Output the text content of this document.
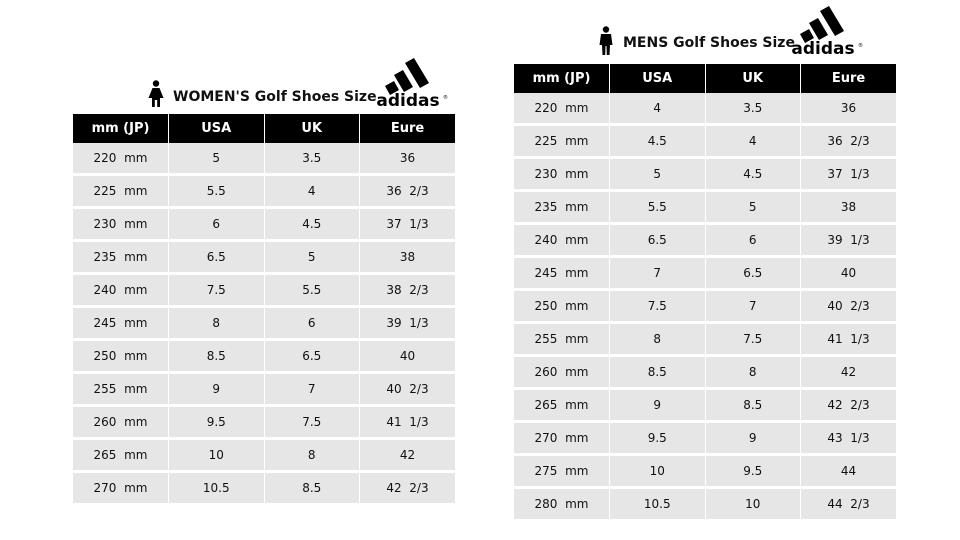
WOMEN'S Golf Shoes Size adidas ®
mm (JP)	USA	UK	Eure
220  mm	5	3.5	36
225  mm	5.5	4	36  2/3
230  mm	6	4.5	37  1/3
235  mm	6.5	5	38
240  mm	7.5	5.5	38  2/3
245  mm	8	6	39  1/3
250  mm	8.5	6.5	40
255  mm	9	7	40  2/3
260  mm	9.5	7.5	41  1/3
265  mm	10	8	42
270  mm	10.5	8.5	42  2/3
MENS Golf Shoes Size
adidas ®
mm (JP)	USA	UK	Eure
220  mm	4	3.5	36
225  mm	4.5	4	36  2/3
230  mm	5	4.5	37  1/3
235  mm	5.5	5	38
240  mm	6.5	6	39  1/3
245  mm	7	6.5	40
250  mm	7.5	7	40  2/3
255  mm	8	7.5	41  1/3
260  mm	8.5	8	42
265  mm	9	8.5	42  2/3
270  mm	9.5	9	43  1/3
275  mm	10	9.5	44
280  mm	10.5	10	44  2/3
